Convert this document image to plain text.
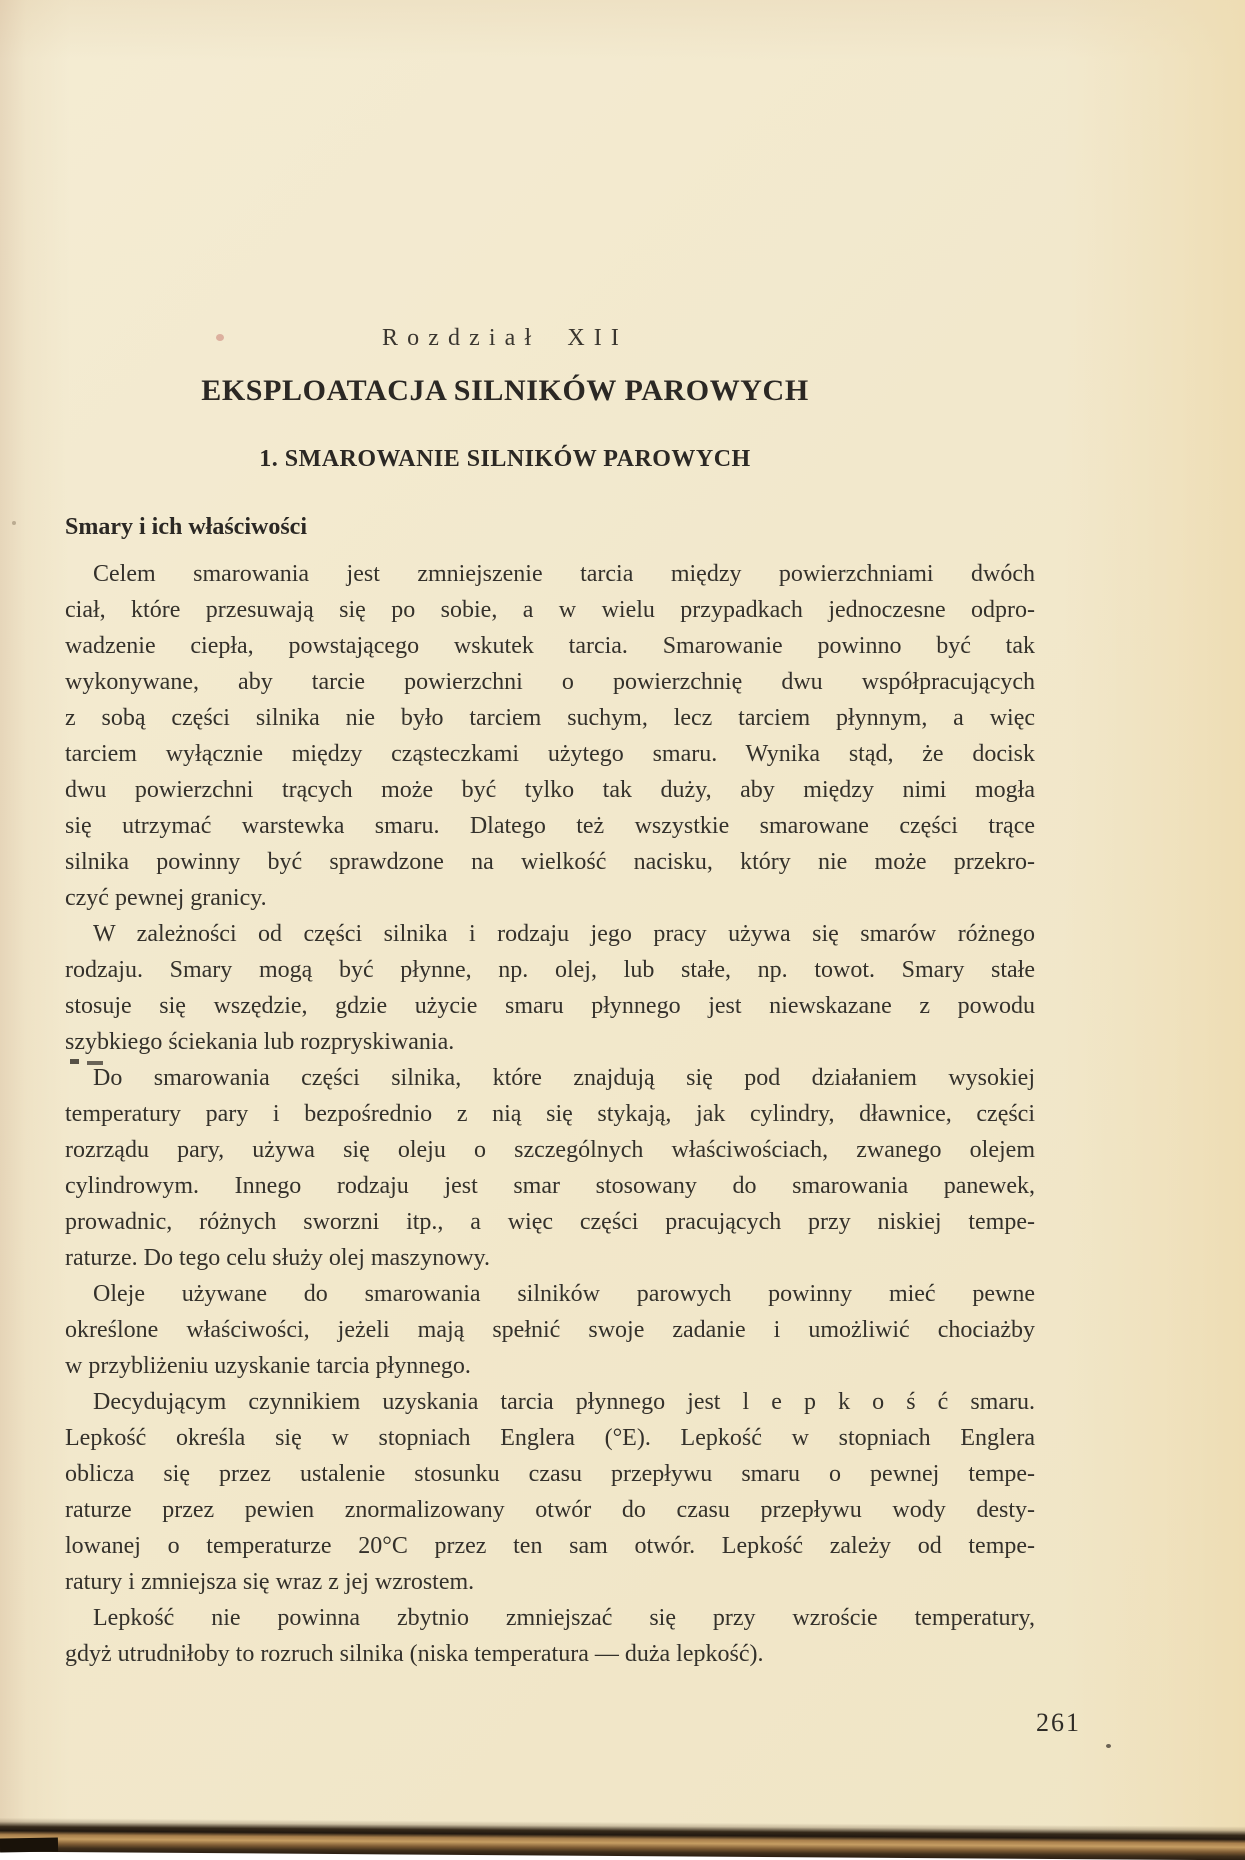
Rozdział XII
EKSPLOATACJA SILNIKÓW PAROWYCH
1. SMAROWANIE SILNIKÓW PAROWYCH
Smary i ich właściwości
Celem smarowania jest zmniejszenie tarcia między powierzchniami dwóch
ciał, które przesuwają się po sobie, a w wielu przypadkach jednoczesne odpro-
wadzenie ciepła, powstającego wskutek tarcia. Smarowanie powinno być tak
wykonywane, aby tarcie powierzchni o powierzchnię dwu współpracujących
z sobą części silnika nie było tarciem suchym, lecz tarciem płynnym, a więc
tarciem wyłącznie między cząsteczkami użytego smaru. Wynika stąd, że docisk
dwu powierzchni trących może być tylko tak duży, aby między nimi mogła
się utrzymać warstewka smaru. Dlatego też wszystkie smarowane części trące
silnika powinny być sprawdzone na wielkość nacisku, który nie może przekro-
czyć pewnej granicy.
W zależności od części silnika i rodzaju jego pracy używa się smarów różnego
rodzaju. Smary mogą być płynne, np. olej, lub stałe, np. towot. Smary stałe
stosuje się wszędzie, gdzie użycie smaru płynnego jest niewskazane z powodu
szybkiego ściekania lub rozpryskiwania.
Do smarowania części silnika, które znajdują się pod działaniem wysokiej
temperatury pary i bezpośrednio z nią się stykają, jak cylindry, dławnice, części
rozrządu pary, używa się oleju o szczególnych właściwościach, zwanego olejem
cylindrowym. Innego rodzaju jest smar stosowany do smarowania panewek,
prowadnic, różnych sworzni itp., a więc części pracujących przy niskiej tempe-
raturze. Do tego celu służy olej maszynowy.
Oleje używane do smarowania silników parowych powinny mieć pewne
określone właściwości, jeżeli mają spełnić swoje zadanie i umożliwić chociażby
w przybliżeniu uzyskanie tarcia płynnego.
Decydującym czynnikiem uzyskania tarcia płynnego jest l e p k o ś ć smaru.
Lepkość określa się w stopniach Englera (°E). Lepkość w stopniach Englera
oblicza się przez ustalenie stosunku czasu przepływu smaru o pewnej tempe-
raturze przez pewien znormalizowany otwór do czasu przepływu wody desty-
lowanej o temperaturze 20°C przez ten sam otwór. Lepkość zależy od tempe-
ratury i zmniejsza się wraz z jej wzrostem.
Lepkość nie powinna zbytnio zmniejszać się przy wzroście temperatury,
gdyż utrudniłoby to rozruch silnika (niska temperatura — duża lepkość).
261
